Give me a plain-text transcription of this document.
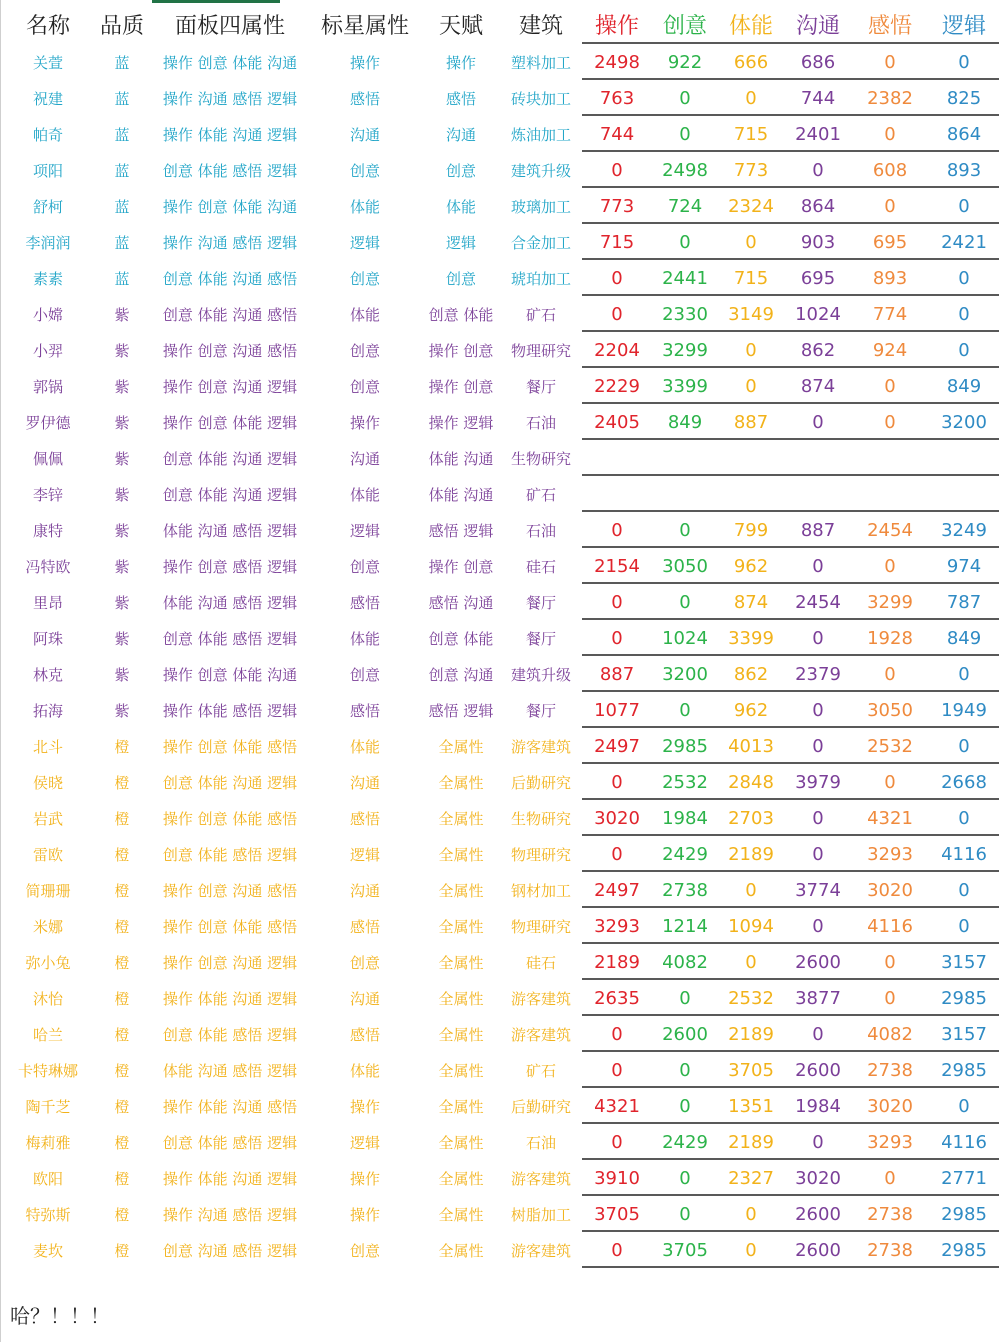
名称	品质	面板四属性	标星属性	天赋	建筑	操作	创意 体能	沟通	感悟	逻辑
关萱	蓝	操作 创意 体能 沟通	操作	操作	塑料加工	2498	922	666	686	0	0
祝建	蓝	操作 沟通 感悟 逻辑	感悟	感悟	砖块加工	763	0	0	744	2382	825
帕奇	蓝	操作 体能 沟通 逻辑	沟通	沟通	炼油加工	744	0	715	2401	0	864
项阳	蓝	创意 体能 感悟 逻辑	创意	创意	建筑升级	0	2498	773	0	608	893
舒柯	蓝	操作 创意 体能 沟通	体能	体能	玻璃加工	773	724	2324	864	0	0
李润润	蓝	操作 沟通 感悟 逻辑	逻辑	逻辑	合金加工	715	0	0	903	695	2421
素素	蓝	创意 体能 沟通 感悟	创意	创意	琥珀加工	0	2441	715	695	893	0
小嫦	紫	创意 体能 沟通 感悟	体能	创意 体能	矿石	0	2330	3149	1024	774	0
小羿	紫	操作 创意 沟通 感悟	创意	操作 创意	物理研究	2204	3299	0	862	924	0
郭锅	紫	操作 创意 沟通 逻辑	创意	操作 创意	餐厅	2229	3399	0	874	0	849
罗伊德	紫	操作 创意 体能 逻辑	操作	操作 逻辑	石油	2405	849	887	0	0	3200
佩佩	紫	创意 体能 沟通 逻辑	沟通	体能 沟通	生物研究
李锌	紫	创意 体能 沟通 逻辑	体能	体能 沟通	矿石
康特	紫	体能 沟通 感悟 逻辑	逻辑	感悟 逻辑	石油	0	0	799	887	2454	3249
冯特欧	紫	操作 创意 感悟 逻辑	创意	操作 创意	硅石	2154	3050	962	0	0	974
里昂	紫	体能 沟通 感悟 逻辑	感悟	感悟 沟通	餐厅	0	0	874	2454	3299	787
阿珠	紫	创意 体能 感悟 逻辑	体能	创意 体能	餐厅	0	1024	3399	0	1928	849
林克	紫	操作 创意 体能 沟通	创意	创意 沟通	建筑升级	887	3200	862	2379	0	0
拓海	紫	操作 体能 感悟 逻辑	感悟	感悟 逻辑	餐厅	1077	0	962	0	3050	1949
北斗	橙	操作 创意 体能 感悟	体能	全属性	游客建筑	2497	2985	4013	0	2532	0
侯晓	橙	创意 体能 沟通 逻辑	沟通	全属性	后勤研究	0	2532	2848	3979	0	2668
岩武	橙	操作 创意 体能 感悟	感悟	全属性	生物研究	3020	1984	2703	0	4321	0
雷欧	橙	创意 体能 感悟 逻辑	逻辑	全属性	物理研究	0	2429	2189	0	3293	4116
简珊珊	橙	操作 创意 沟通 感悟	沟通	全属性	钢材加工	2497	2738	0	3774	3020	0
米娜	橙	操作 创意 体能 感悟	感悟	全属性	物理研究	3293	1214	1094	0	4116	0
弥小兔	橙	操作 创意 沟通 逻辑	创意	全属性	硅石	2189	4082	0	2600	0	3157
沐怡	橙	操作 体能 沟通 逻辑	沟通	全属性	游客建筑	2635	0	2532	3877	0	2985
哈兰	橙	创意 体能 感悟 逻辑	感悟	全属性	游客建筑	0	2600	2189	0	4082	3157
卡特琳娜	橙	体能 沟通 感悟 逻辑	体能	全属性	矿石	0	0	3705	2600	2738	2985
陶千芝	橙	操作 体能 沟通 感悟	操作	全属性	后勤研究	4321	0	1351	1984	3020	0
梅莉雅	橙	创意 体能 感悟 逻辑	逻辑	全属性	石油	0	2429	2189	0	3293	4116
欧阳	橙	操作 体能 沟通 逻辑	操作	全属性	游客建筑	3910	0	2327	3020	0	2771
特弥斯	橙	操作 沟通 感悟 逻辑	操作	全属性	树脂加工	3705	0	0	2600	2738	2985
麦坎	橙	创意 沟通 感悟 逻辑	创意	全属性	游客建筑	0	3705	0	2600	2738	2985
哈？！！！
